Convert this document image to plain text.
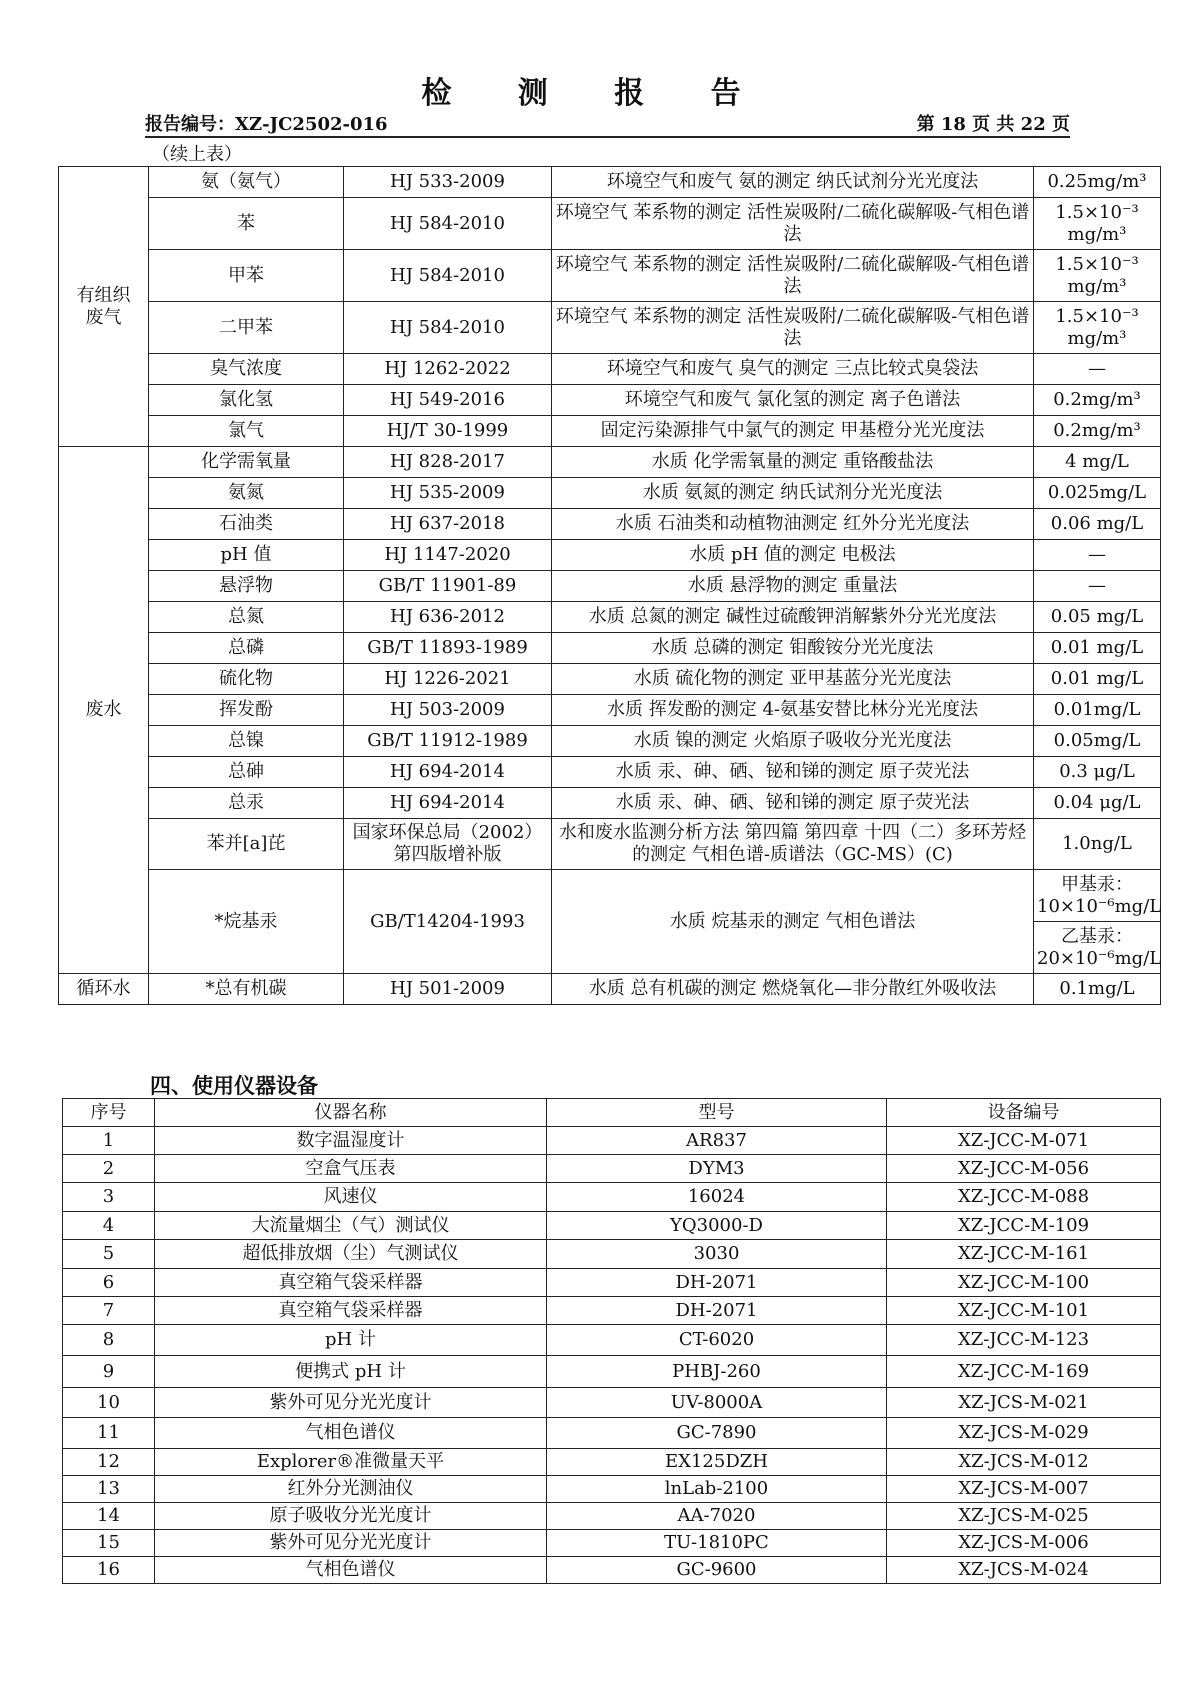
检 测 报 告
报告编号：XZ-JC2502-016	第 18 页 共 22 页
（续上表）
有组织废气	氨（氨气）	HJ 533-2009	环境空气和废气 氨的测定 纳氏试剂分光光度法	0.25mg/m³
	苯	HJ 584-2010	环境空气 苯系物的测定 活性炭吸附/二硫化碳解吸-气相色谱法	1.5×10⁻³ mg/m³
	甲苯	HJ 584-2010	环境空气 苯系物的测定 活性炭吸附/二硫化碳解吸-气相色谱法	1.5×10⁻³ mg/m³
	二甲苯	HJ 584-2010	环境空气 苯系物的测定 活性炭吸附/二硫化碳解吸-气相色谱法	1.5×10⁻³ mg/m³
	臭气浓度	HJ 1262-2022	环境空气和废气 臭气的测定 三点比较式臭袋法	—
	氯化氢	HJ 549-2016	环境空气和废气 氯化氢的测定 离子色谱法	0.2mg/m³
	氯气	HJ/T 30-1999	固定污染源排气中氯气的测定 甲基橙分光光度法	0.2mg/m³
废水	化学需氧量	HJ 828-2017	水质 化学需氧量的测定 重铬酸盐法	4 mg/L
	氨氮	HJ 535-2009	水质 氨氮的测定 纳氏试剂分光光度法	0.025mg/L
	石油类	HJ 637-2018	水质 石油类和动植物油测定 红外分光光度法	0.06 mg/L
	pH 值	HJ 1147-2020	水质 pH 值的测定 电极法	—
	悬浮物	GB/T 11901-89	水质 悬浮物的测定 重量法	—
	总氮	HJ 636-2012	水质 总氮的测定 碱性过硫酸钾消解紫外分光光度法	0.05 mg/L
	总磷	GB/T 11893-1989	水质 总磷的测定 钼酸铵分光光度法	0.01 mg/L
	硫化物	HJ 1226-2021	水质 硫化物的测定 亚甲基蓝分光光度法	0.01 mg/L
	挥发酚	HJ 503-2009	水质 挥发酚的测定 4-氨基安替比林分光光度法	0.01mg/L
	总镍	GB/T 11912-1989	水质 镍的测定 火焰原子吸收分光光度法	0.05mg/L
	总砷	HJ 694-2014	水质 汞、砷、硒、铋和锑的测定 原子荧光法	0.3 μg/L
	总汞	HJ 694-2014	水质 汞、砷、硒、铋和锑的测定 原子荧光法	0.04 μg/L
	苯并[a]芘	国家环保总局（2002）第四版增补版	水和废水监测分析方法 第四篇 第四章 十四（二）多环芳烃的测定 气相色谱-质谱法（GC-MS）(C)	1.0ng/L
	*烷基汞	GB/T14204-1993	水质 烷基汞的测定 气相色谱法	甲基汞：
10×10⁻⁶mg/L

				乙基汞：
20×10⁻⁶mg/L

循环水	*总有机碳	HJ 501-2009	水质 总有机碳的测定 燃烧氧化—非分散红外吸收法	0.1mg/L
四、使用仪器设备
序号	仪器名称	型号	设备编号
1	数字温湿度计	AR837	XZ-JCC-M-071
2	空盒气压表	DYM3	XZ-JCC-M-056
3	风速仪	16024	XZ-JCC-M-088
4	大流量烟尘（气）测试仪	YQ3000-D	XZ-JCC-M-109
5	超低排放烟（尘）气测试仪	3030	XZ-JCC-M-161
6	真空箱气袋采样器	DH-2071	XZ-JCC-M-100
7	真空箱气袋采样器	DH-2071	XZ-JCC-M-101
8	pH 计	CT-6020	XZ-JCC-M-123
9	便携式 pH 计	PHBJ-260	XZ-JCC-M-169
10	紫外可见分光光度计	UV-8000A	XZ-JCS-M-021
11	气相色谱仪	GC-7890	XZ-JCS-M-029
12	Explorer®准微量天平	EX125DZH	XZ-JCS-M-012
13	红外分光测油仪	lnLab-2100	XZ-JCS-M-007
14	原子吸收分光光度计	AA-7020	XZ-JCS-M-025
15	紫外可见分光光度计	TU-1810PC	XZ-JCS-M-006
16	气相色谱仪	GC-9600	XZ-JCS-M-024
